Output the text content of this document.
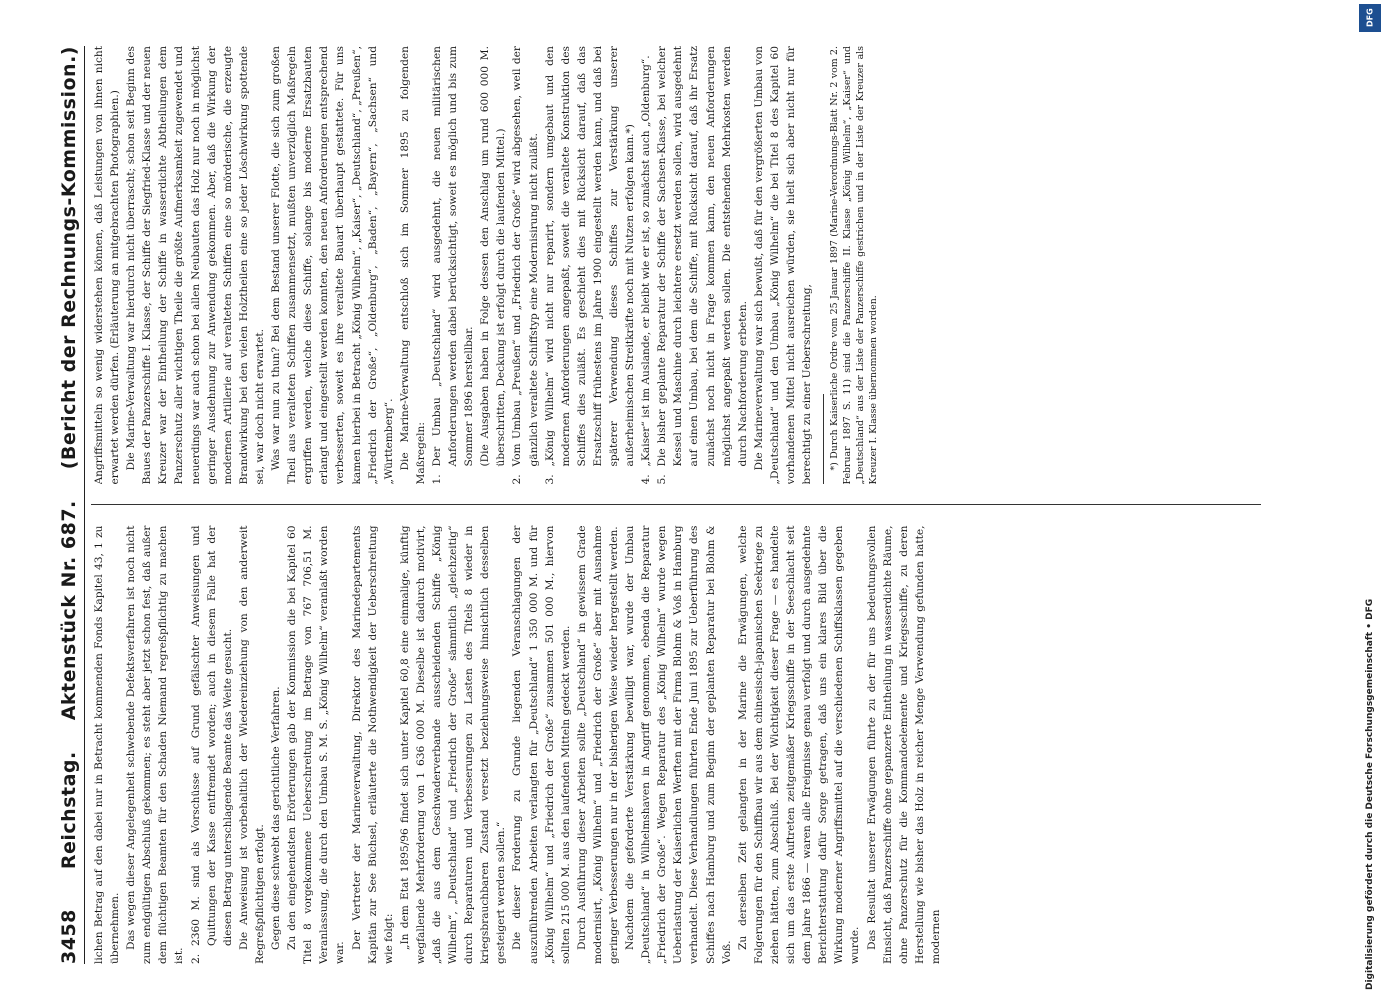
3458
Reichstag.
Aktenstück Nr. 687.
(Bericht der Rechnungs-Kommission.)

lichen Betrag auf den dabei nur in Betracht kommenden Fonds Kapitel 43, 1 zu übernehmen. Das wegen dieser Angelegenheit schwebende Defektsverfahren ist noch nicht zum endgültigen Abschluß gekommen; es steht aber jetzt schon fest, daß außer dem flüchtigen Beamten für den Schaden Niemand regreßpflichtig zu machen ist. 2.
2360 M. sind als Vorschüsse auf Grund gefälschter Anweisungen und Quittungen der Kasse entfremdet worden; auch in diesem Falle hat der diesen Betrag unterschlagende Beamte das Weite gesucht. Die Anweisung ist vorbehaltlich der Wiedereinziehung von den anderweit Regreßpflichtigen erfolgt. Gegen diese schwebt das gerichtliche Verfahren. Zu den eingehendsten Erörterungen gab der Kommission die bei Kapitel 60 Titel 8 vorgekommene Ueberschreitung im Betrage von 767 706,51 M. Veranlassung, die durch den Umbau S. M. S. „König Wilhelm“ veranlaßt worden war.

Der Vertreter der Marineverwaltung, Direktor des Marinedepartements Kapitän zur See Büchsel, erläuterte die Nothwendigkeit der Ueberschreitung wie folgt: „In dem Etat 1895/96 findet sich unter Kapitel 60,8 eine einmalige, künftig wegfallende Mehrforderung von 1 636 000 M. Dieselbe ist dadurch motivirt, „daß die aus dem Geschwaderverbande ausscheidenden Schiffe „König Wilhelm“, „Deutschland“ und „Friedrich der Große“ sämmtlich „gleichzeitig“ durch Reparaturen und Verbesserungen zu Lasten des Titels 8 wieder in kriegsbrauchbaren Zustand versetzt beziehungsweise hinsichtlich desselben gesteigert werden sollen.“ Die dieser Forderung zu Grunde liegenden Veranschlagungen der auszuführenden Arbeiten verlangten für „Deutschland“ 1 350 000 M. und für „König Wilhelm“ und „Friedrich der Große“ zusammen 501 000 M., hiervon sollten 215 000 M. aus den laufenden Mitteln gedeckt werden. Durch Ausführung dieser Arbeiten sollte „Deutschland“ in gewissem Grade modernisirt, „König Wilhelm“ und „Friedrich der Große“ aber mit Ausnahme geringer Verbesserungen nur in der bisherigen Weise wieder hergestellt werden. Nachdem die geforderte Verstärkung bewilligt war, wurde der Umbau „Deutschland“ in Wilhelmshaven in Angriff genommen, ebenda die Reparatur „Friedrich der Große“. Wegen Reparatur des „König Wilhelm“ wurde wegen Ueberlastung der Kaiserlichen Werften mit der Firma Blohm & Voß in Hamburg verhandelt. Diese Verhandlungen führten Ende Juni 1895 zur Ueberführung des Schiffes nach Hamburg und zum Beginn der geplanten Reparatur bei Blohm & Voß.

Zu derselben Zeit gelangten in der Marine die Erwägungen, welche Folgerungen für den Schiffbau wir aus dem chinesisch-japanischen Seekriege zu ziehen hätten, zum Abschluß. Bei der Wichtigkeit dieser Frage — es handelte sich um das erste Auftreten zeitgemäßer Kriegsschiffe in der Seeschlacht seit dem Jahre 1866 — waren alle Ereignisse genau verfolgt und durch ausgedehnte Berichterstattung dafür Sorge getragen, daß uns ein klares Bild über die Wirkung moderner Angriffsmittel auf die verschiedenen Schiffsklassen gegeben wurde. Das Resultat unserer Erwägungen führte zu der für uns bedeutungsvollen Einsicht, daß Panzerschiffe ohne gepanzerte Eintheilung in wasserdichte Räume, ohne Panzerschutz für die Kommandoelemente und Kriegsschiffe, zu deren Herstellung wie bisher das Holz in reicher Menge Verwendung gefunden hatte, modernen

Angriffsmitteln so wenig widerstehen können, daß Leistungen von ihnen nicht erwartet werden dürfen. (Erläuterung an mitgebrachten Photographien.) Die Marine-Verwaltung war hierdurch nicht überrascht; schon seit Beginn des Baues der Panzerschiffe I. Klasse, der Schiffe der Siegfried-Klasse und der neuen Kreuzer war der Eintheilung der Schiffe in wasserdichte Abtheilungen dem Panzerschutz aller wichtigen Theile die größte Aufmerksamkeit zugewendet und neuerdings war auch schon bei allen Neubauten das Holz nur noch in möglichst geringer Ausdehnung zur Anwendung gekommen. Aber, daß die Wirkung der modernen Artillerie auf veralteten Schiffen eine so mörderische, die erzeugte Brandwirkung bei den vielen Holztheilen eine so jeder Löschwirkung spottende sei, war doch nicht erwartet. Was war nun zu thun? Bei dem Bestand unserer Flotte, die sich zum großen Theil aus veralteten Schiffen zusammensetzt, mußten unverzüglich Maßregeln ergriffen werden, welche diese Schiffe, solange bis moderne Ersatzbauten erlangt und eingestellt werden konnten, den neuen Anforderungen entsprechend verbesserten, soweit es ihre veraltete Bauart überhaupt gestattete. Für uns kamen hierbei in Betracht „König Wilhelm“, „Kaiser“, „Deutschland“, „Preußen“, „Friedrich der Große“, „Oldenburg“, „Baden“, „Bayern“, „Sachsen“ und „Württemberg“. Die Marine-Verwaltung entschloß sich im Sommer 1895 zu folgenden Maßregeln: 1.
Der Umbau „Deutschland“ wird ausgedehnt, die neuen militärischen Anforderungen werden dabei berücksichtigt, soweit es möglich und bis zum Sommer 1896 herstellbar. (Die Ausgaben haben in Folge dessen den Anschlag um rund 600 000 M. überschritten, Deckung ist erfolgt durch die laufenden Mittel.)

2.
Vom Umbau „Preußen“ und „Friedrich der Große“ wird abgesehen, weil der gänzlich veraltete Schiffstyp eine Modernisirung nicht zuläßt.

3.
„König Wilhelm“ wird nicht nur reparirt, sondern umgebaut und den modernen Anforderungen angepaßt, soweit die veraltete Konstruktion des Schiffes dies zuläßt. Es geschieht dies mit Rücksicht darauf, daß das Ersatzschiff frühestens im Jahre 1900 eingestellt werden kann, und daß bei späterer Verwendung dieses Schiffes zur Verstärkung unserer außerheimischen Streitkräfte noch mit Nutzen erfolgen kann.*)

4.
„Kaiser“ ist im Auslande, er bleibt wie er ist, so zunächst auch „Oldenburg“.

5.
Die bisher geplante Reparatur der Schiffe der Sachsen-Klasse, bei welcher Kessel und Maschine durch leichtere ersetzt werden sollen, wird ausgedehnt auf einen Umbau, bei dem die Schiffe, mit Rücksicht darauf, daß ihr Ersatz zunächst noch nicht in Frage kommen kann, den neuen Anforderungen möglichst angepaßt werden sollen. Die entstehenden Mehrkosten werden durch Nachforderung erbeten. Die Marineverwaltung war sich bewußt, daß für den vergrößerten Umbau von „Deutschland“ und den Umbau „König Wilhelm“ die bei Titel 8 des Kapitel 60 vorhandenen Mittel nicht ausreichen würden, sie hielt sich aber nicht nur für berechtigt zu einer Ueberschreitung, *) Durch Kaiserliche Ordre vom 25 Januar 1897 (Marine-Verordnungs-Blatt Nr. 2 vom 2. Februar 1897 S. 11) sind die Panzerschiffe II. Klasse „König Wilhelm“, „Kaiser“ und „Deutschland“ aus der Liste der Panzerschiffe gestrichen und in der Liste der Kreuzer als Kreuzer I. Klasse übernommen worden.

DFG
Digitalisierung gefördert durch die Deutsche Forschungsgemeinschaft • DFG
